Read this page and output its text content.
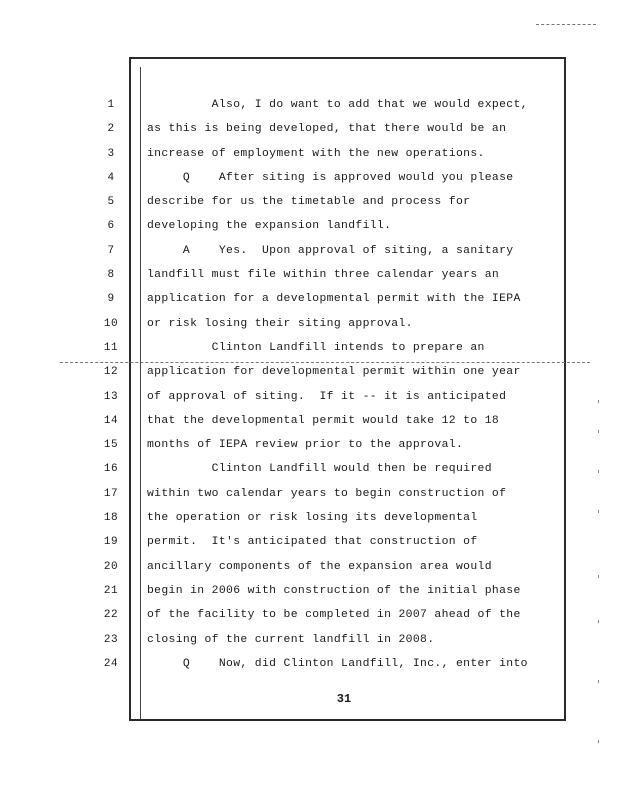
1
2
3
4
5
6
7
8
9
10
11
12
13
14
15
16
17
18
19
20
21
22
23
24
Also, I do want to add that we would expect,
as this is being developed, that there would be an
increase of employment with the new operations.
Q    After siting is approved would you please
describe for us the timetable and process for
developing the expansion landfill.
A    Yes.  Upon approval of siting, a sanitary
landfill must file within three calendar years an
application for a developmental permit with the IEPA
or risk losing their siting approval.
Clinton Landfill intends to prepare an
application for developmental permit within one year
of approval of siting.  If it -- it is anticipated
that the developmental permit would take 12 to 18
months of IEPA review prior to the approval.
Clinton Landfill would then be required
within two calendar years to begin construction of
the operation or risk losing its developmental
permit.  It's anticipated that construction of
ancillary components of the expansion area would
begin in 2006 with construction of the initial phase
of the facility to be completed in 2007 ahead of the
closing of the current landfill in 2008.
Q    Now, did Clinton Landfill, Inc., enter into
31
